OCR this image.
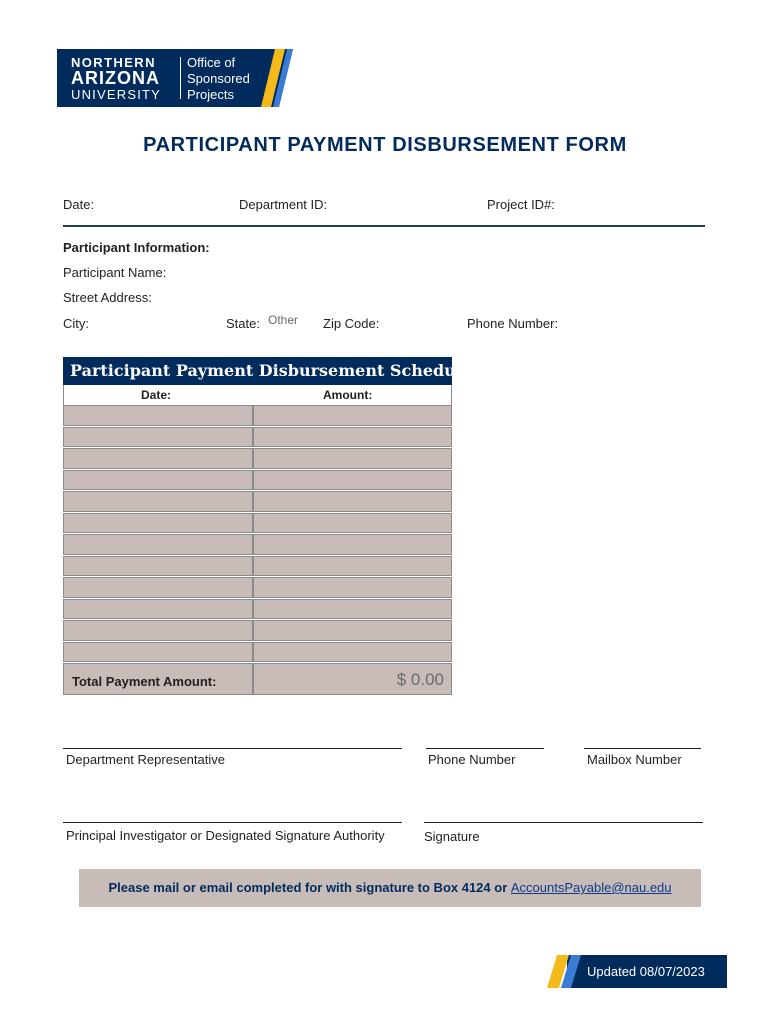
NORTHERN
ARIZONA
UNIVERSITY
Office of
Sponsored
Projects
PARTICIPANT PAYMENT DISBURSEMENT FORM
Date:	Department ID:	Project ID#:
Participant Information:
Participant Name:
Street Address:
City:	State: Other Zip Code:	Phone Number:
Participant Payment Disbursement Schedule
Date:	Amount:
Total Payment Amount:	$ 0.00
Department Representative	Phone Number	Mailbox Number
Principal Investigator or Designated Signature Authority	Signature
Please mail or email completed for with signature to Box 4124 or AccountsPayable@nau.edu
Updated 08/07/2023
